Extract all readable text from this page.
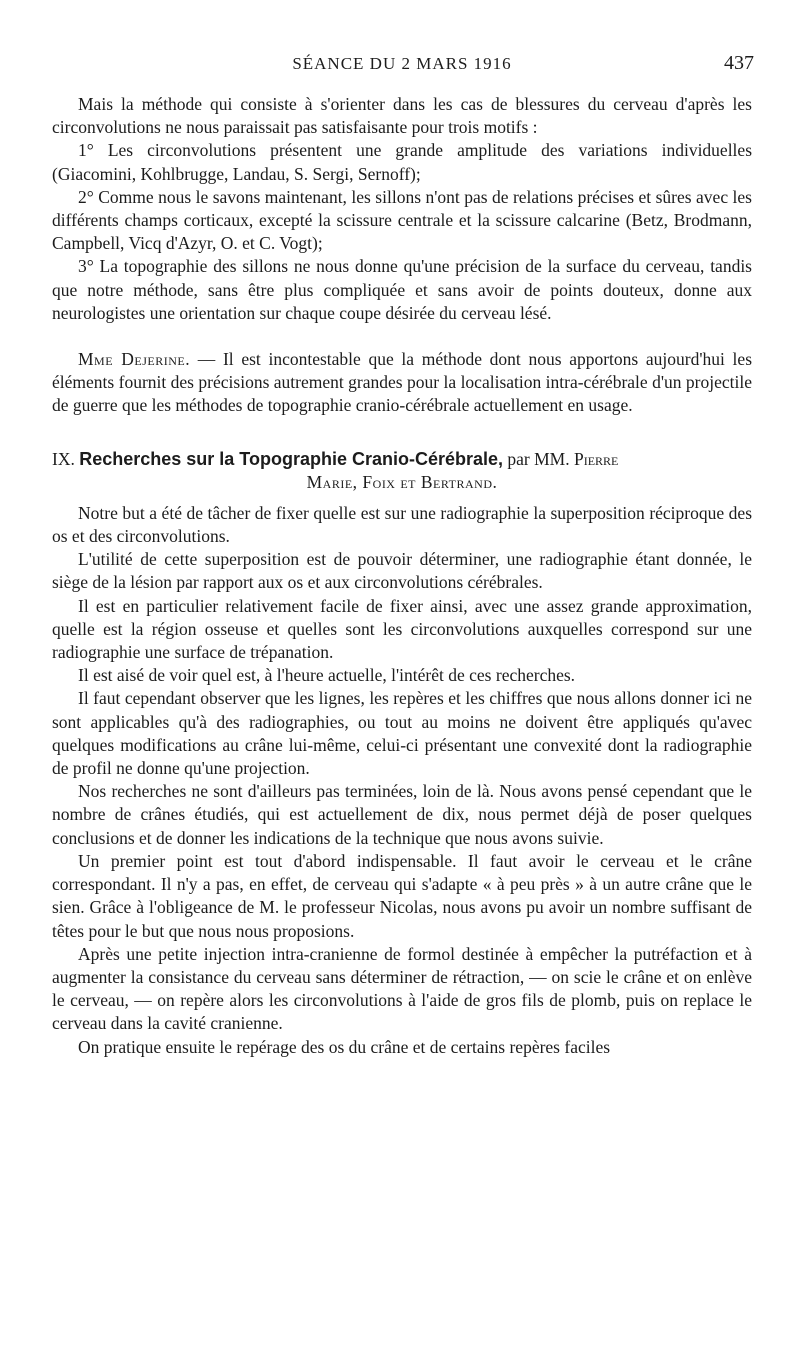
SÉANCE DU 2 MARS 1916	437

Mais la méthode qui consiste à s'orienter dans les cas de blessures du cerveau d'après les circonvolutions ne nous paraissait pas satisfaisante pour trois motifs :

1° Les circonvolutions présentent une grande amplitude des variations individuelles (Giacomini, Kohlbrugge, Landau, S. Sergi, Sernoff);

2° Comme nous le savons maintenant, les sillons n'ont pas de relations précises et sûres avec les différents champs corticaux, excepté la scissure centrale et la scissure calcarine (Betz, Brodmann, Campbell, Vicq d'Azyr, O. et C. Vogt);

3° La topographie des sillons ne nous donne qu'une précision de la surface du cerveau, tandis que notre méthode, sans être plus compliquée et sans avoir de points douteux, donne aux neurologistes une orientation sur chaque coupe désirée du cerveau lésé.

Mme Dejerine. — Il est incontestable que la méthode dont nous apportons aujourd'hui les éléments fournit des précisions autrement grandes pour la localisation intra-cérébrale d'un projectile de guerre que les méthodes de topographie cranio-cérébrale actuellement en usage.

IX. Recherches sur la Topographie Cranio-Cérébrale, par MM. Pierre

Marie, Foix et Bertrand.

Notre but a été de tâcher de fixer quelle est sur une radiographie la superposition réciproque des os et des circonvolutions.

L'utilité de cette superposition est de pouvoir déterminer, une radiographie étant donnée, le siège de la lésion par rapport aux os et aux circonvolutions cérébrales.

Il est en particulier relativement facile de fixer ainsi, avec une assez grande approximation, quelle est la région osseuse et quelles sont les circonvolutions auxquelles correspond sur une radiographie une surface de trépanation.

Il est aisé de voir quel est, à l'heure actuelle, l'intérêt de ces recherches.

Il faut cependant observer que les lignes, les repères et les chiffres que nous allons donner ici ne sont applicables qu'à des radiographies, ou tout au moins ne doivent être appliqués qu'avec quelques modifications au crâne lui-même, celui-ci présentant une convexité dont la radiographie de profil ne donne qu'une projection.

Nos recherches ne sont d'ailleurs pas terminées, loin de là. Nous avons pensé cependant que le nombre de crânes étudiés, qui est actuellement de dix, nous permet déjà de poser quelques conclusions et de donner les indications de la technique que nous avons suivie.

Un premier point est tout d'abord indispensable. Il faut avoir le cerveau et le crâne correspondant. Il n'y a pas, en effet, de cerveau qui s'adapte « à peu près » à un autre crâne que le sien. Grâce à l'obligeance de M. le professeur Nicolas, nous avons pu avoir un nombre suffisant de têtes pour le but que nous nous proposions.

Après une petite injection intra-cranienne de formol destinée à empêcher la putréfaction et à augmenter la consistance du cerveau sans déterminer de rétraction, — on scie le crâne et on enlève le cerveau, — on repère alors les circonvolutions à l'aide de gros fils de plomb, puis on replace le cerveau dans la cavité cranienne.

On pratique ensuite le repérage des os du crâne et de certains repères faciles
